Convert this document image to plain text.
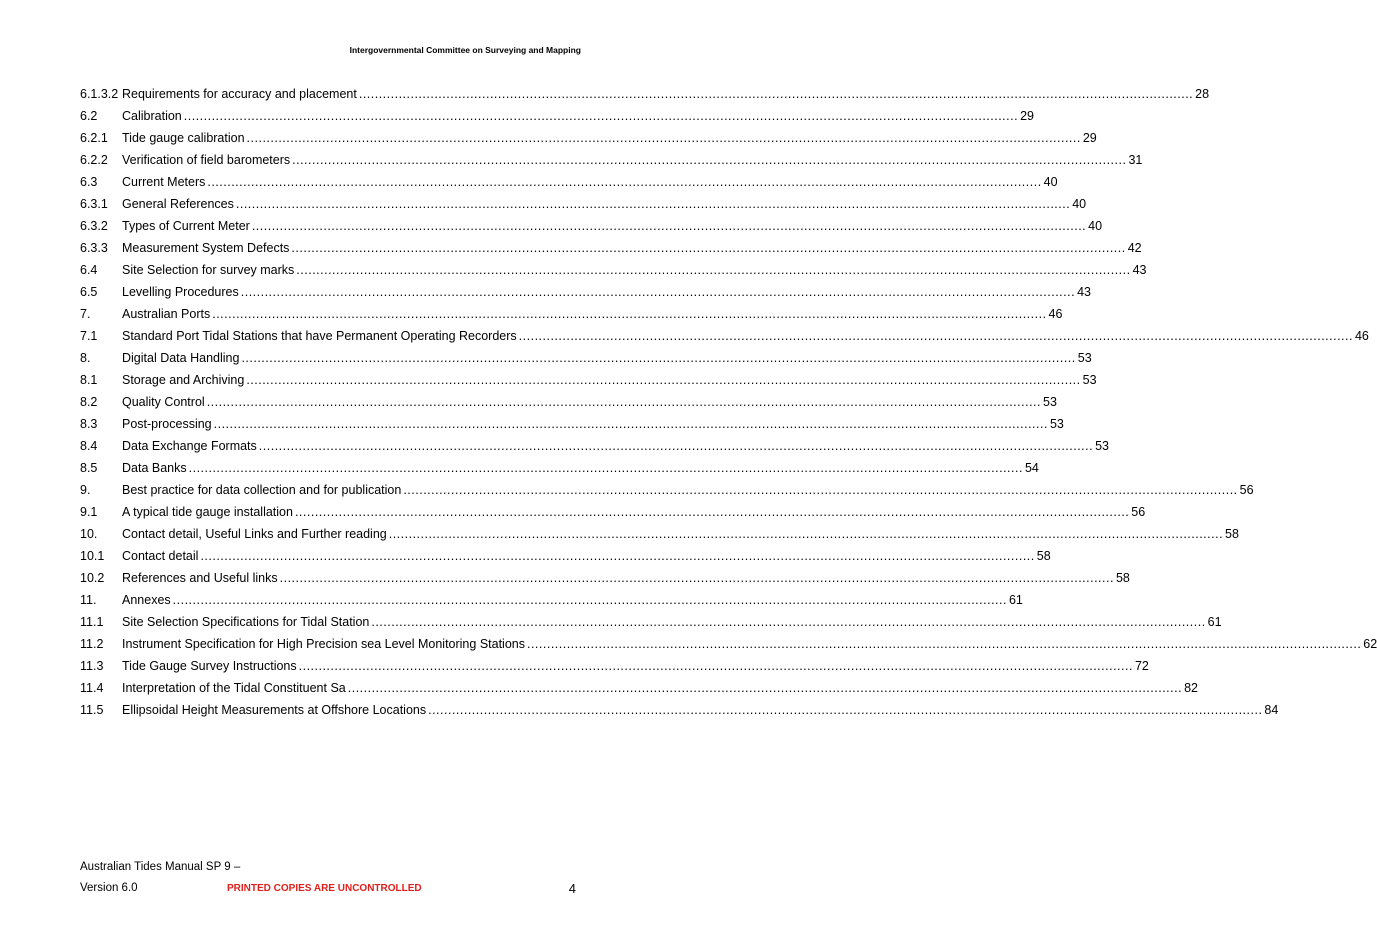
Intergovernmental Committee on Surveying and Mapping
6.1.3.2 Requirements for accuracy and placement .....	28
6.2	Calibration .....	29
6.2.1	Tide gauge calibration .....	29
6.2.2	Verification of field barometers .....	31
6.3	Current Meters .....	40
6.3.1	General References .....	40
6.3.2	Types of Current Meter .....	40
6.3.3	Measurement System Defects .....	42
6.4	Site Selection for survey marks .....	43
6.5	Levelling Procedures .....	43
7.	Australian Ports .....	46
7.1	Standard Port Tidal Stations that have Permanent Operating Recorders .....	46
8.	Digital Data Handling .....	53
8.1	Storage and Archiving .....	53
8.2	Quality Control .....	53
8.3	Post-processing .....	53
8.4	Data Exchange Formats .....	53
8.5	Data Banks .....	54
9.	Best practice for data collection and for publication .....	56
9.1	A typical tide gauge installation .....	56
10.	Contact detail, Useful Links and Further reading .....	58
10.1	Contact detail .....	58
10.2	References and Useful links .....	58
11.	Annexes .....	61
11.1	Site Selection Specifications for Tidal Station .....	61
11.2	Instrument Specification for High Precision sea Level Monitoring Stations .....	62
11.3	Tide Gauge Survey Instructions .....	72
11.4	Interpretation of the Tidal Constituent Sa .....	82
11.5	Ellipsoidal Height Measurements at Offshore Locations .....	84
Australian Tides Manual SP 9 –
Version 6.0	PRINTED COPIES ARE UNCONTROLLED	4
